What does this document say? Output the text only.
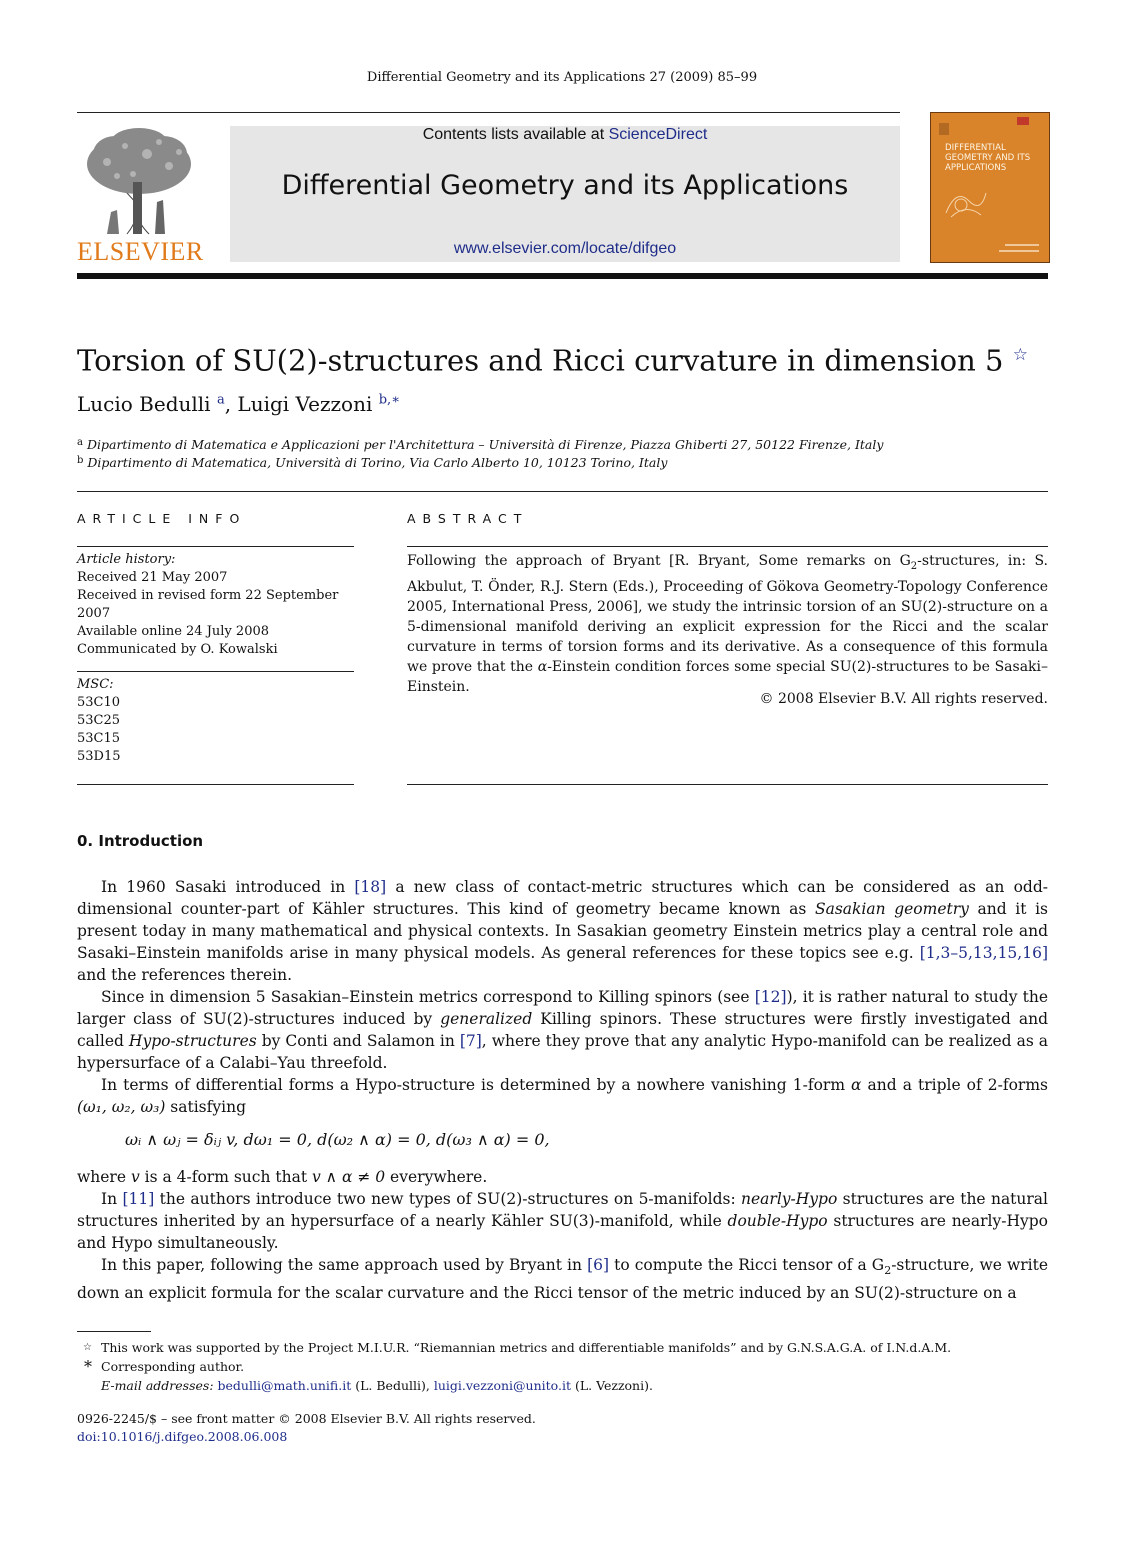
Differential Geometry and its Applications 27 (2009) 85–99
ELSEVIER
Contents lists available at ScienceDirect
Differential Geometry and its Applications
www.elsevier.com/locate/difgeo
DIFFERENTIAL GEOMETRY AND ITS APPLICATIONS
Torsion of SU(2)-structures and Ricci curvature in dimension 5 ☆
Lucio Bedulli $^a$, Luigi Vezzoni $^{b,∗}$
$^a$ Dipartimento di Matematica e Applicazioni per l'Architettura – Università di Firenze, Piazza Ghiberti 27, 50122 Firenze, Italy
$^b$ Dipartimento di Matematica, Università di Torino, Via Carlo Alberto 10, 10123 Torino, Italy
ARTICLE INFO
Article history:
Received 21 May 2007
Received in revised form 22 September
2007
Available online 24 July 2008
Communicated by O. Kowalski
MSC:
53C10
53C25
53C15
53D15
ABSTRACT
Following the approach of Bryant [R. Bryant, Some remarks on $G_2$-structures, in: S. Akbulut, T. Önder, R.J. Stern (Eds.), Proceeding of Gökova Geometry-Topology Conference 2005, International Press, 2006], we study the intrinsic torsion of an SU(2)-structure on a 5-dimensional manifold deriving an explicit expression for the Ricci and the scalar curvature in terms of torsion forms and its derivative. As a consequence of this formula we prove that the α-Einstein condition forces some special SU(2)-structures to be Sasaki–Einstein.
© 2008 Elsevier B.V. All rights reserved.
0. Introduction

In 1960 Sasaki introduced in [18] a new class of contact-metric structures which can be considered as an odd-dimensional counter-part of Kähler structures. This kind of geometry became known as Sasakian geometry and it is present today in many mathematical and physical contexts. In Sasakian geometry Einstein metrics play a central role and Sasaki–Einstein manifolds arise in many physical models. As general references for these topics see e.g. [1,3–5,13,15,16] and the references therein.

Since in dimension 5 Sasakian–Einstein metrics correspond to Killing spinors (see [12]), it is rather natural to study the larger class of SU(2)-structures induced by generalized Killing spinors. These structures were firstly investigated and called Hypo-structures by Conti and Salamon in [7], where they prove that any analytic Hypo-manifold can be realized as a hypersurface of a Calabi–Yau threefold.

In terms of differential forms a Hypo-structure is determined by a nowhere vanishing 1-form α and a triple of 2-forms (ω₁, ω₂, ω₃) satisfying

ωᵢ ∧ ωⱼ = δᵢⱼ v, dω₁ = 0, d(ω₂ ∧ α) = 0, d(ω₃ ∧ α) = 0,

where v is a 4-form such that v ∧ α ≠ 0 everywhere.

In [11] the authors introduce two new types of SU(2)-structures on 5-manifolds: nearly-Hypo structures are the natural structures inherited by an hypersurface of a nearly Kähler SU(3)-manifold, while double-Hypo structures are nearly-Hypo and Hypo simultaneously.

In this paper, following the same approach used by Bryant in [6] to compute the Ricci tensor of a $G_2$-structure, we write down an explicit formula for the scalar curvature and the Ricci tensor of the metric induced by an SU(2)-structure on a

☆ This work was supported by the Project M.I.U.R. “Riemannian metrics and differentiable manifolds” and by G.N.S.A.G.A. of I.N.d.A.M.
* Corresponding author.
E-mail addresses: bedulli@math.unifi.it (L. Bedulli), luigi.vezzoni@unito.it (L. Vezzoni).
0926-2245/$ – see front matter © 2008 Elsevier B.V. All rights reserved.
doi:10.1016/j.difgeo.2008.06.008
